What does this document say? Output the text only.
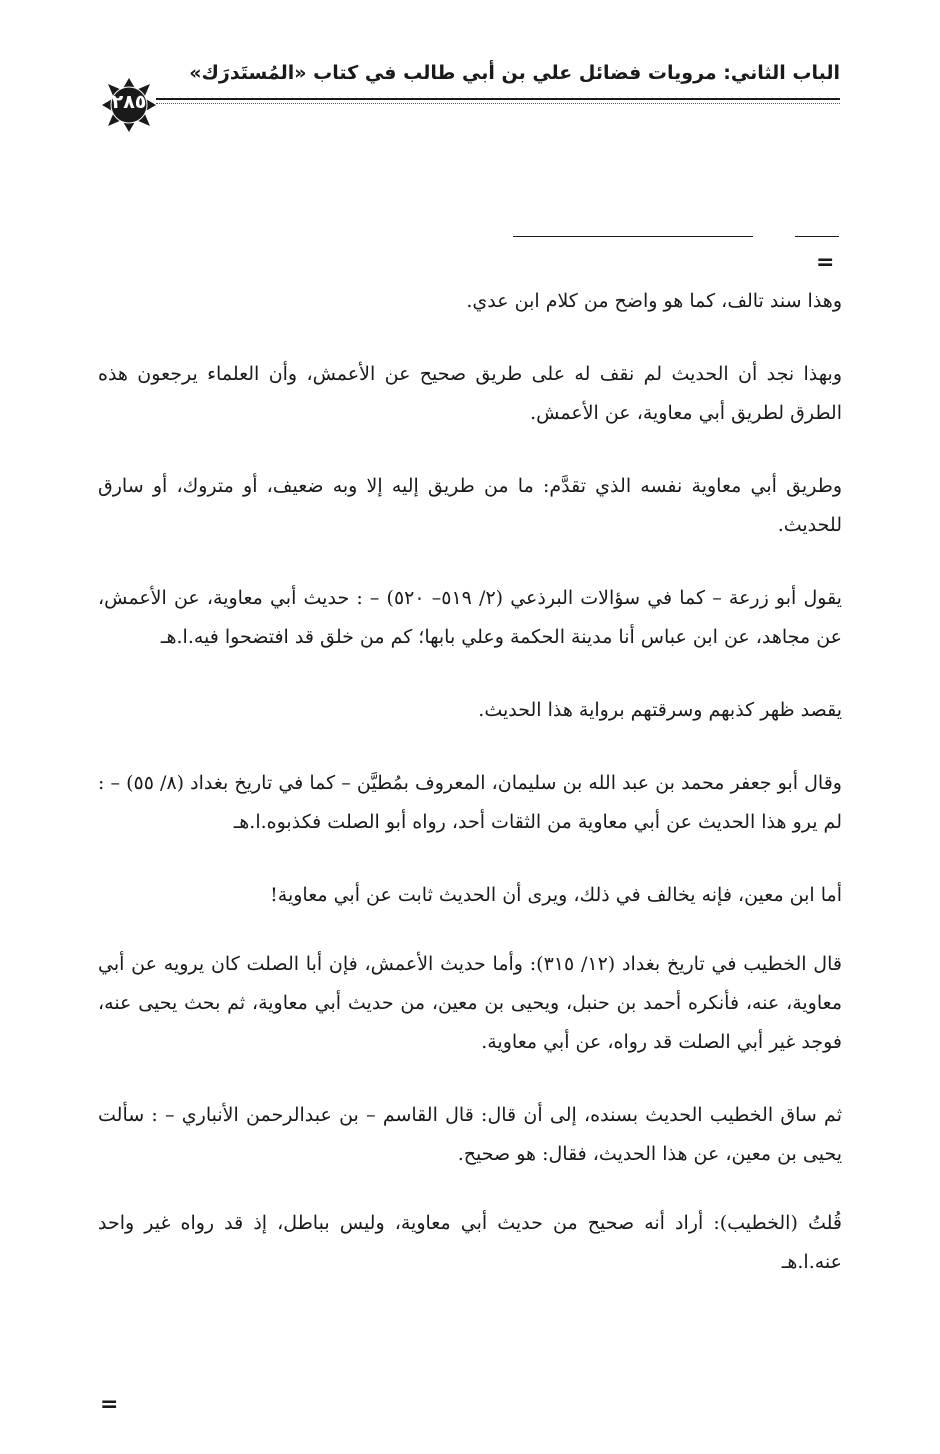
الباب الثاني: مرويات فضائل علي بن أبي طالب في كتاب «المُستَدرَك»
٢٨٥
=

وهذا سند تالف، كما هو واضح من كلام ابن عدي.

وبهذا نجد أن الحديث لم نقف له على طريق صحيح عن الأعمش، وأن العلماء يرجعون هذه الطرق لطريق أبي معاوية، عن الأعمش.

وطريق أبي معاوية نفسه الذي تقدَّم: ما من طريق إليه إلا وبه ضعيف، أو متروك، أو سارق للحديث.

يقول أبو زرعة – كما في سؤالات البرذعي (٢/ ٥١٩– ٥٢٠) – : حديث أبي معاوية، عن الأعمش، عن مجاهد، عن ابن عباس أنا مدينة الحكمة وعلي بابها؛ كم من خلق قد افتضحوا فيه.ا.هـ

يقصد ظهر كذبهم وسرقتهم برواية هذا الحديث.

وقال أبو جعفر محمد بن عبد الله بن سليمان، المعروف بمُطيَّن – كما في تاريخ بغداد (٨/ ٥٥) – : لم يرو هذا الحديث عن أبي معاوية من الثقات أحد، رواه أبو الصلت فكذبوه.ا.هـ

أما ابن معين، فإنه يخالف في ذلك، ويرى أن الحديث ثابت عن أبي معاوية!

قال الخطيب في تاريخ بغداد (١٢/ ٣١٥): وأما حديث الأعمش، فإن أبا الصلت كان يرويه عن أبي معاوية، عنه، فأنكره أحمد بن حنبل، ويحيى بن معين، من حديث أبي معاوية، ثم بحث يحيى عنه، فوجد غير أبي الصلت قد رواه، عن أبي معاوية.

ثم ساق الخطيب الحديث بسنده، إلى أن قال: قال القاسم – بن عبدالرحمن الأنباري – : سألت يحيى بن معين، عن هذا الحديث، فقال: هو صحيح.

قُلتُ (الخطيب): أراد أنه صحيح من حديث أبي معاوية، وليس بباطل، إذ قد رواه غير واحد عنه.ا.هـ

=
